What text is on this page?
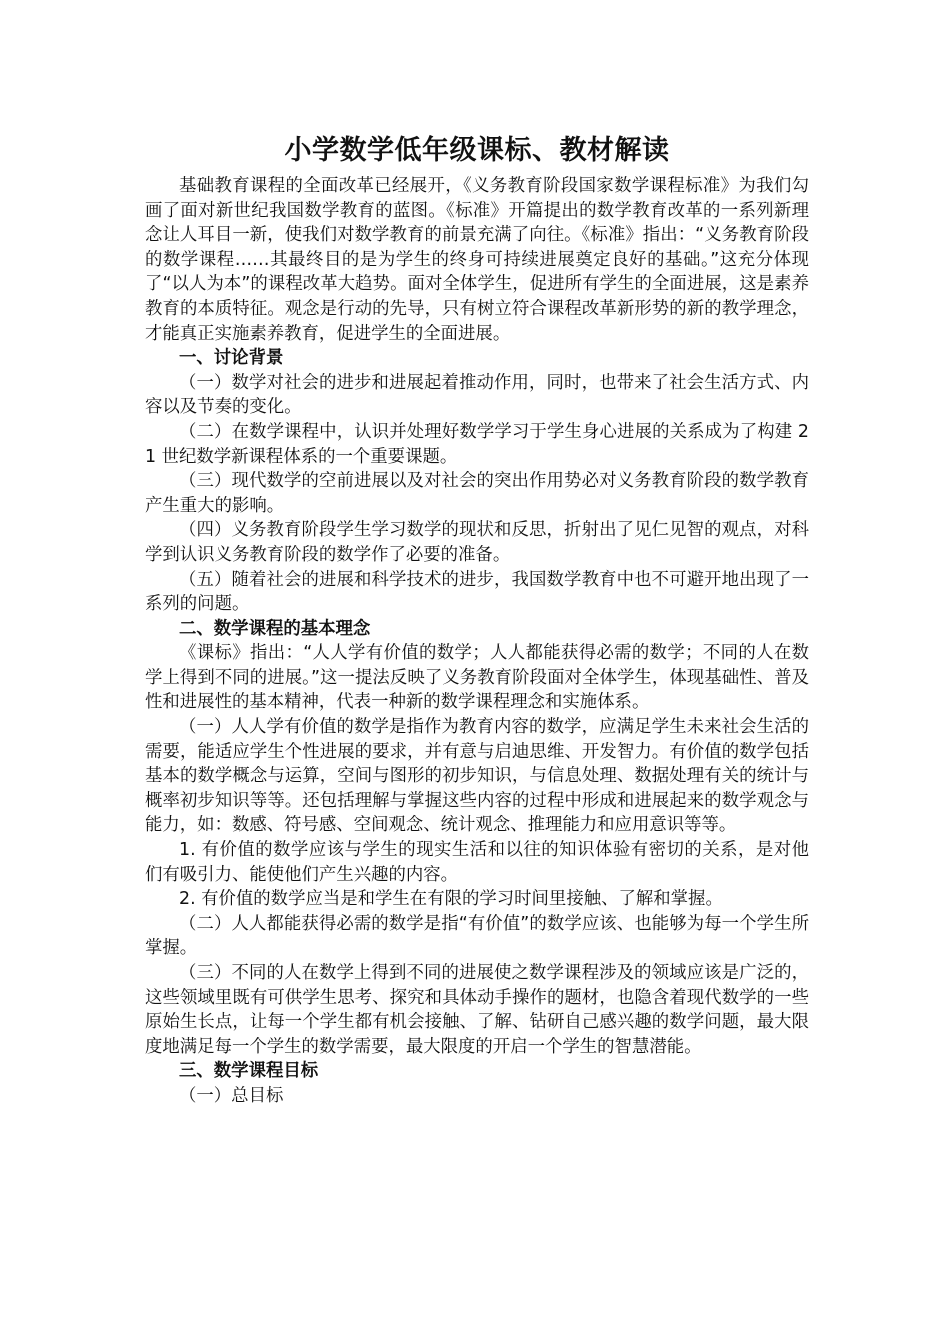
小学数学低年级课标、教材解读

基础教育课程的全面改革已经展开，《义务教育阶段国家数学课程标准》为我们勾画了面对新世纪我国数学教育的蓝图。《标准》开篇提出的数学教育改革的一系列新理念让人耳目一新，使我们对数学教育的前景充满了向往。《标准》指出：“义务教育阶段的数学课程……其最终目的是为学生的终身可持续进展奠定良好的基础。”这充分体现了“以人为本”的课程改革大趋势。面对全体学生，促进所有学生的全面进展，这是素养教育的本质特征。观念是行动的先导，只有树立符合课程改革新形势的新的教学理念，才能真正实施素养教育，促进学生的全面进展。

一、讨论背景

（一）数学对社会的进步和进展起着推动作用，同时，也带来了社会生活方式、内容以及节奏的变化。

（二）在数学课程中，认识并处理好数学学习于学生身心进展的关系成为了构建 21 世纪数学新课程体系的一个重要课题。

（三）现代数学的空前进展以及对社会的突出作用势必对义务教育阶段的数学教育产生重大的影响。

（四）义务教育阶段学生学习数学的现状和反思，折射出了见仁见智的观点，对科学到认识义务教育阶段的数学作了必要的准备。

（五）随着社会的进展和科学技术的进步，我国数学教育中也不可避开地出现了一系列的问题。

二、数学课程的基本理念

《课标》指出：“人人学有价值的数学；人人都能获得必需的数学；不同的人在数学上得到不同的进展。”这一提法反映了义务教育阶段面对全体学生，体现基础性、普及性和进展性的基本精神，代表一种新的数学课程理念和实施体系。

（一）人人学有价值的数学是指作为教育内容的数学，应满足学生未来社会生活的需要，能适应学生个性进展的要求，并有意与启迪思维、开发智力。有价值的数学包括基本的数学概念与运算，空间与图形的初步知识，与信息处理、数据处理有关的统计与概率初步知识等等。还包括理解与掌握这些内容的过程中形成和进展起来的数学观念与能力，如：数感、符号感、空间观念、统计观念、推理能力和应用意识等等。

1. 有价值的数学应该与学生的现实生活和以往的知识体验有密切的关系，是对他们有吸引力、能使他们产生兴趣的内容。

2. 有价值的数学应当是和学生在有限的学习时间里接触、了解和掌握。

（二）人人都能获得必需的数学是指“有价值”的数学应该、也能够为每一个学生所掌握。

（三）不同的人在数学上得到不同的进展使之数学课程涉及的领域应该是广泛的，这些领域里既有可供学生思考、探究和具体动手操作的题材，也隐含着现代数学的一些原始生长点，让每一个学生都有机会接触、了解、钻研自己感兴趣的数学问题，最大限度地满足每一个学生的数学需要，最大限度的开启一个学生的智慧潜能。

三、数学课程目标

（一）总目标
